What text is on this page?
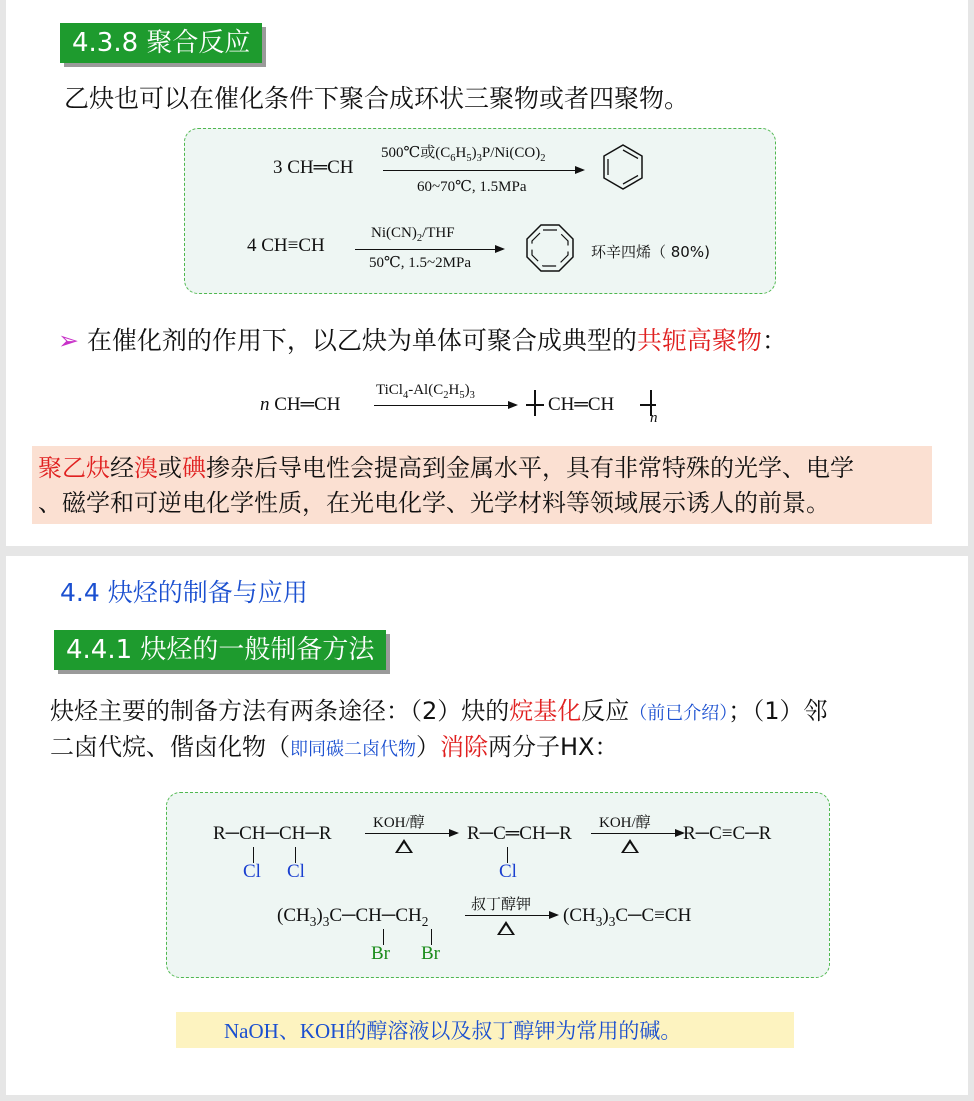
4.3.8 聚合反应
乙炔也可以在催化条件下聚合成环状三聚物或者四聚物。
3 CH═CH
500℃或$(C_6H_5)_3P/Ni(CO)_2$
60~70℃, 1.5MPa
4 CH≡CH
$Ni(CN)_2$/THF
50℃, 1.5~2MPa
环辛四烯（ 80%)
➢ 在催化剂的作用下，以乙炔为单体可聚合成典型的共轭高聚物：
n CH═CH
$TiCl_4-Al(C_2H_5)_3$	CH═CH
n
聚乙炔经溴或碘掺杂后导电性会提高到金属水平，具有非常特殊的光学、电学
、磁学和可逆电化学性质，在光电化学、光学材料等领域展示诱人的前景。
4.4 炔烃的制备与应用
4.4.1 炔烃的一般制备方法
炔烃主要的制备方法有两条途径：（2）炔的烷基化反应（前已介绍）；（1）邻
二卤代烷、偕卤化物（即同碳二卤代物）消除两分子HX：
R─CH─CH─R
Cl Cl
KOH/醇 R─C═CH─R
Cl
KOH/醇 R─C≡C─R
$(CH_3)_3C─CH─CH_2$
Br Br
叔丁醇钾 $(CH_3)_3C─C\equiv CH$
NaOH、KOH的醇溶液以及叔丁醇钾为常用的碱。
